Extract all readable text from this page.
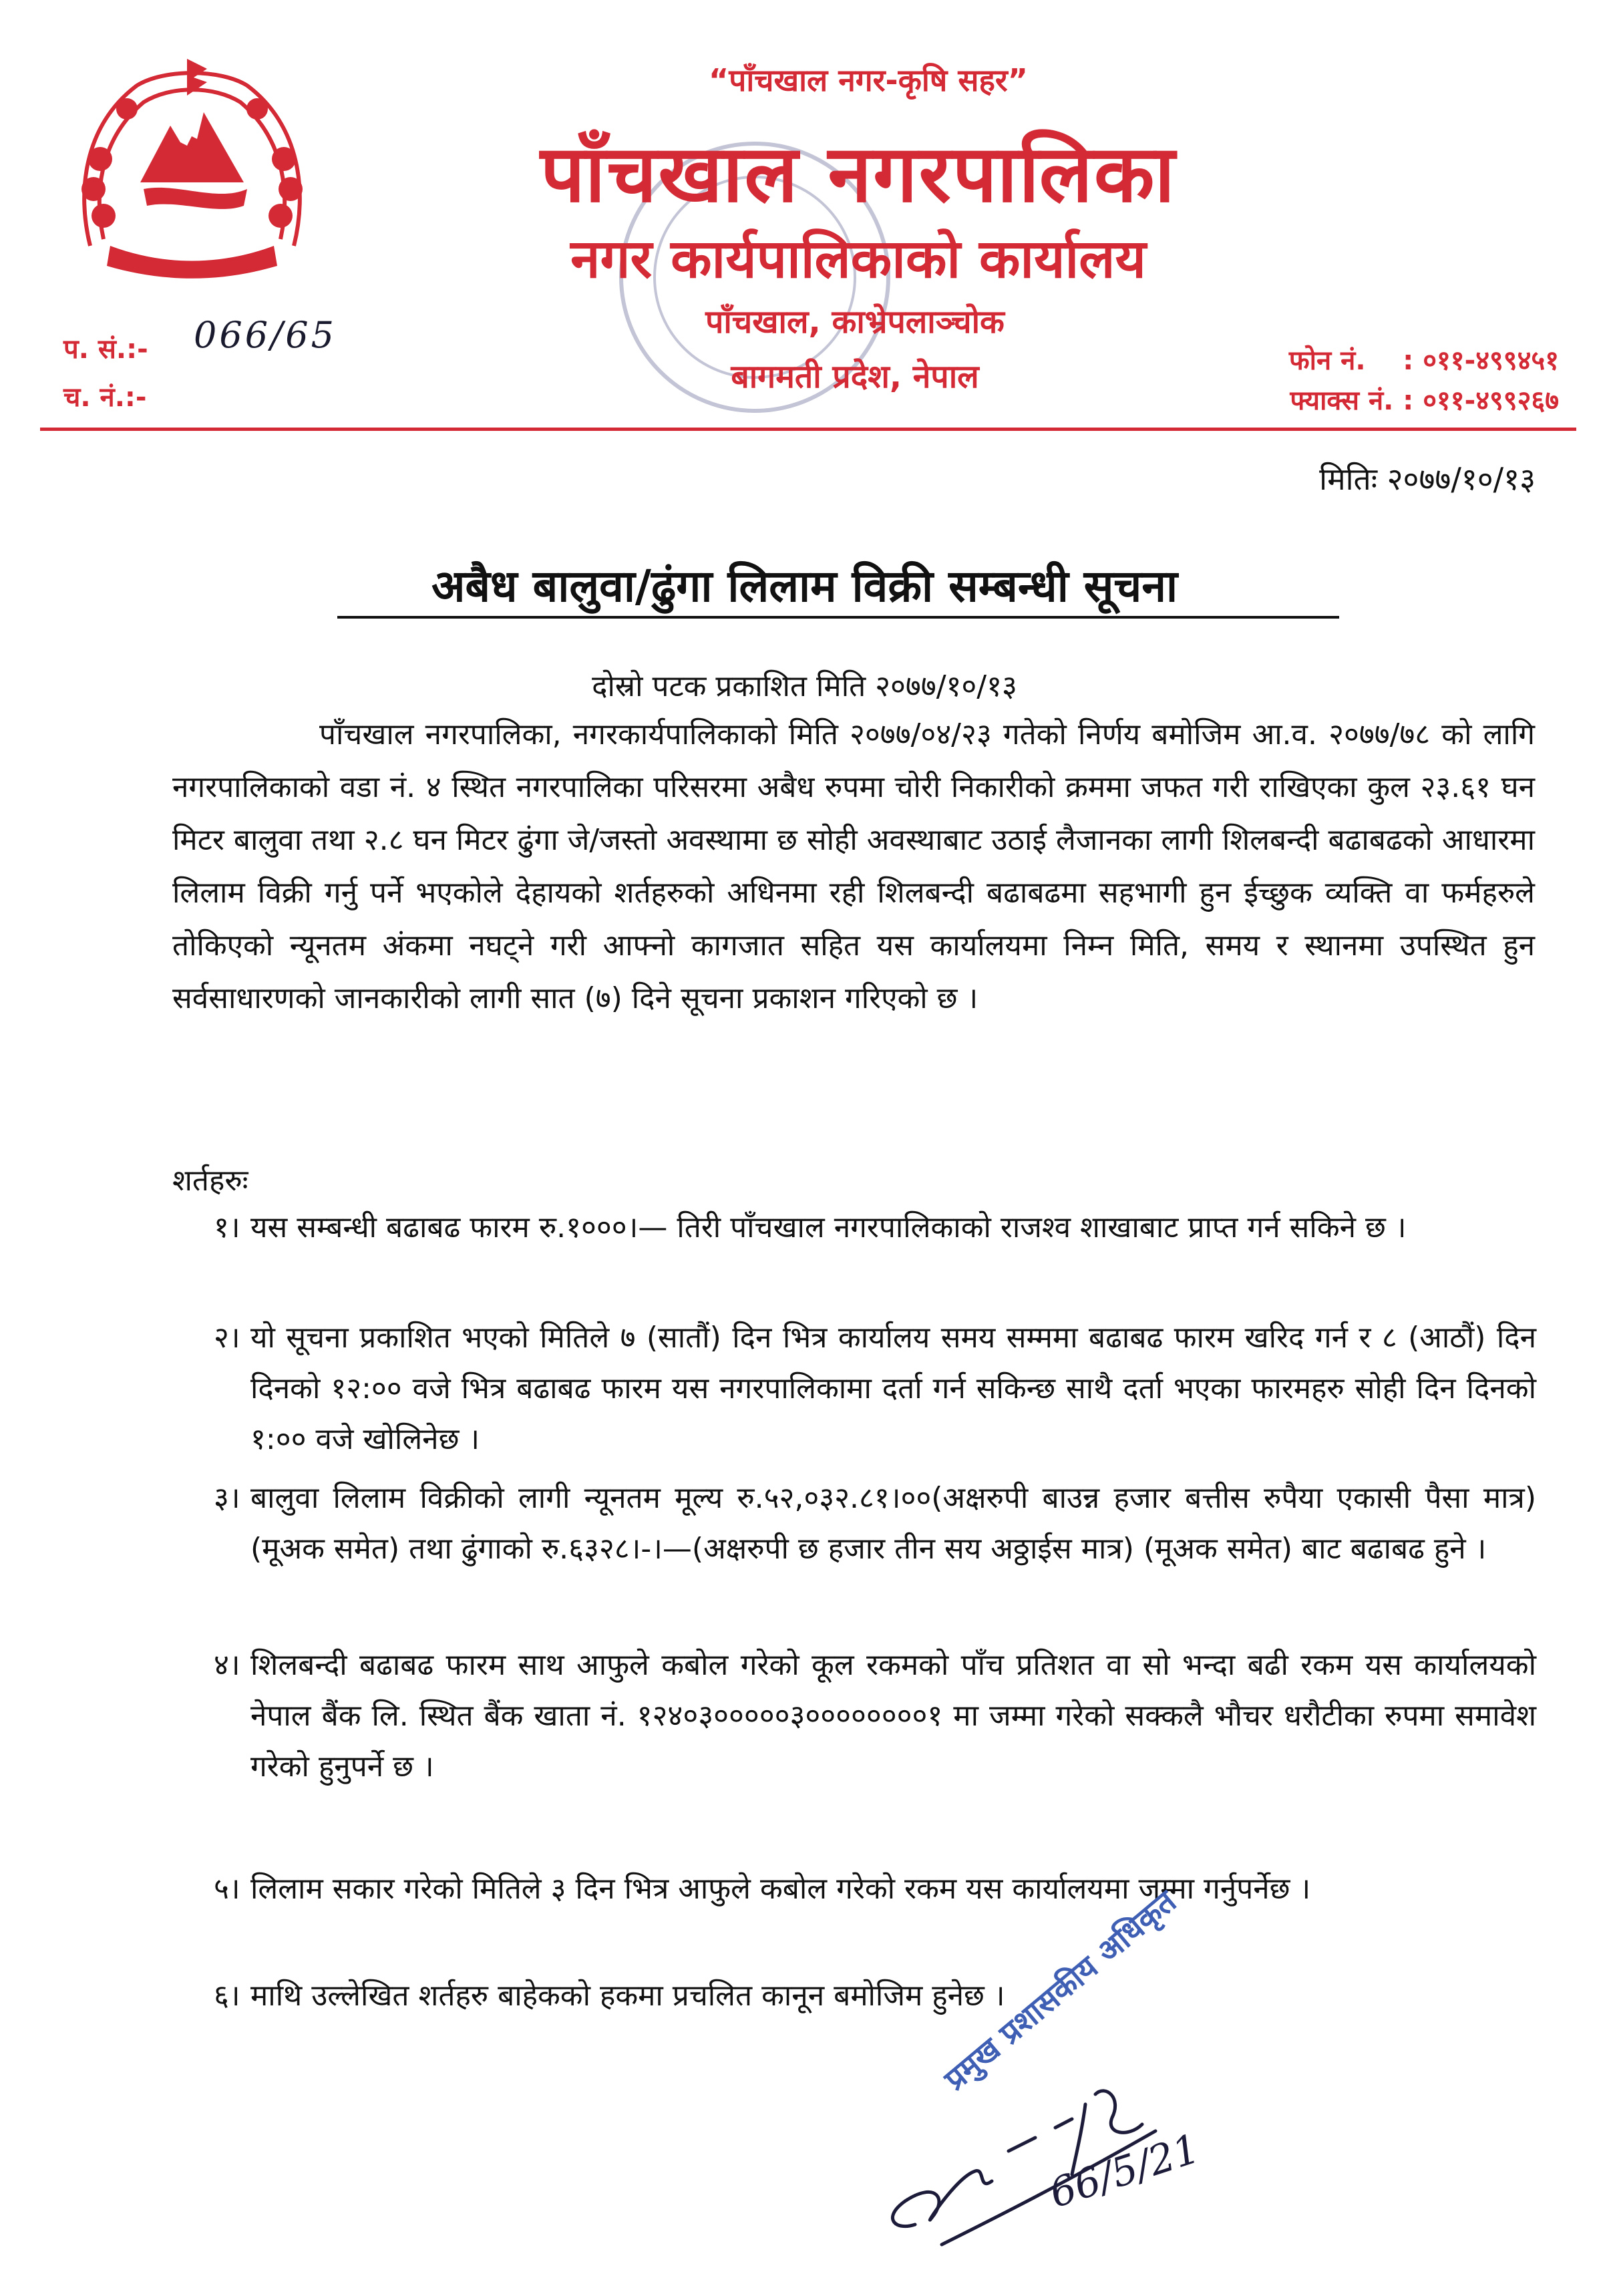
“पाँचखाल नगर-कृषि सहर”
पाँचखाल नगरपालिका
नगर कार्यपालिकाको कार्यालय
पाँचखाल, काभ्रेपलाञ्चोक
बागमती प्रदेश, नेपाल
प. सं.:- 066/65
च. नं.:-
फोन नं.    : ०११-४९९४५१
फ्याक्स नं. : ०११-४९९२६७
मितिः २०७७/१०/१३
अबैध बालुवा/ढुंगा लिलाम विक्री सम्बन्धी सूचना
दोस्रो पटक प्रकाशित मिति २०७७/१०/१३
पाँचखाल नगरपालिका, नगरकार्यपालिकाको मिति २०७७/०४/२३ गतेको निर्णय बमोजिम आ.व. २०७७/७८ को लागि नगरपालिकाको वडा नं. ४ स्थित नगरपालिका परिसरमा अबैध रुपमा चोरी निकारीको क्रममा जफत गरी राखिएका कुल २३.६१ घन मिटर बालुवा तथा २.८ घन मिटर ढुंगा जे/जस्तो अवस्थामा छ सोही अवस्थाबाट उठाई लैजानका लागी शिलबन्दी बढाबढको आधारमा लिलाम विक्री गर्नु पर्ने भएकोले देहायको शर्तहरुको अधिनमा रही शिलबन्दी बढाबढमा सहभागी हुन ईच्छुक व्यक्ति वा फर्महरुले तोकिएको न्यूनतम अंकमा नघट्ने गरी आफ्नो कागजात सहित यस कार्यालयमा निम्न मिति, समय र स्थानमा उपस्थित हुन सर्वसाधारणको जानकारीको लागी सात (७) दिने सूचना प्रकाशन गरिएको छ ।
शर्तहरुः
१। यस सम्बन्धी बढाबढ फारम रु.१०००।— तिरी पाँचखाल नगरपालिकाको राजश्व शाखाबाट प्राप्त गर्न सकिने छ ।
२। यो सूचना प्रकाशित भएको मितिले ७ (सातौं) दिन भित्र कार्यालय समय सम्ममा बढाबढ फारम खरिद गर्न र ८ (आठौं) दिन दिनको १२:०० वजे भित्र बढाबढ फारम यस नगरपालिकामा दर्ता गर्न सकिन्छ साथै दर्ता भएका फारमहरु सोही दिन दिनको १:०० वजे खोलिनेछ ।
३। बालुवा लिलाम विक्रीको लागी न्यूनतम मूल्य रु.५२,०३२.८१।००(अक्षरुपी बाउन्न हजार बत्तीस रुपैया एकासी पैसा मात्र) (मूअक समेत) तथा ढुंगाको रु.६३२८।-।—(अक्षरुपी छ हजार तीन सय अठ्ठाईस मात्र) (मूअक समेत) बाट बढाबढ हुने ।
४। शिलबन्दी बढाबढ फारम साथ आफुले कबोल गरेको कूल रकमको पाँच प्रतिशत वा सो भन्दा बढी रकम यस कार्यालयको नेपाल बैंक लि. स्थित बैंक खाता नं. १२४०३०००००३००००००००१ मा जम्मा गरेको सक्कलै भौचर धरौटीका रुपमा समावेश गरेको हुनुपर्ने छ ।
५। लिलाम सकार गरेको मितिले ३ दिन भित्र आफुले कबोल गरेको रकम यस कार्यालयमा जम्मा गर्नुपर्नेछ ।
६। माथि उल्लेखित शर्तहरु बाहेकको हकमा प्रचलित कानून बमोजिम हुनेछ ।
66/5/21
प्रमुख प्रशासकीय अधिकृत
